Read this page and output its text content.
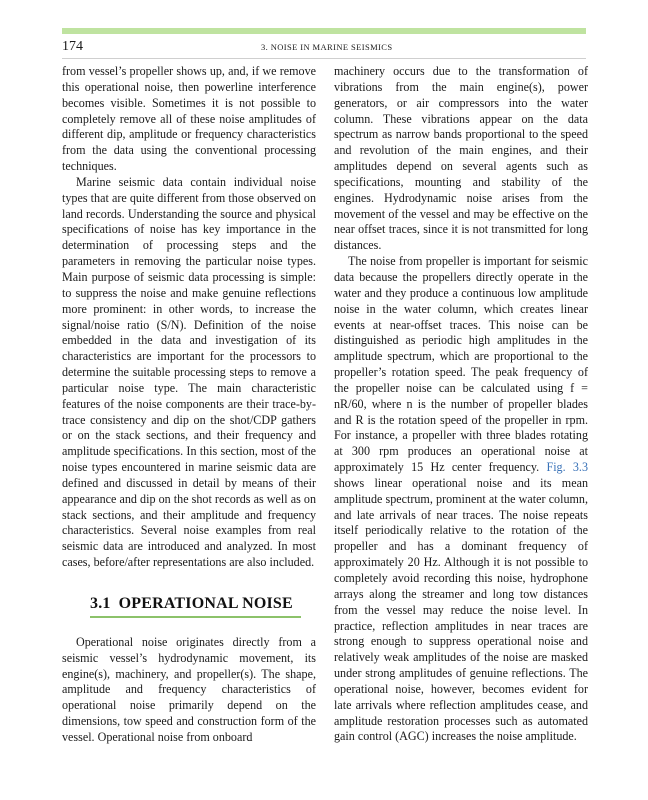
174	3. NOISE IN MARINE SEISMICS

from vessel’s propeller shows up, and, if we remove this operational noise, then powerline interference becomes visible. Sometimes it is not possible to completely remove all of these noise amplitudes of different dip, amplitude or frequency characteristics from the data using the conventional processing techniques.

Marine seismic data contain individual noise types that are quite different from those observed on land records. Understanding the source and physical specifications of noise has key importance in the determination of processing steps and the parameters in removing the particular noise types. Main purpose of seismic data processing is simple: to suppress the noise and make genuine reflections more prominent: in other words, to increase the signal/noise ratio (S/N). Definition of the noise embedded in the data and investigation of its characteristics are important for the processors to determine the suitable processing steps to remove a particular noise type. The main characteristic features of the noise components are their trace-by-trace consistency and dip on the shot/CDP gathers or on the stack sections, and their frequency and amplitude specifications. In this section, most of the noise types encountered in marine seismic data are defined and discussed in detail by means of their appearance and dip on the shot records as well as on stack sections, and their amplitude and frequency characteristics. Several noise examples from real seismic data are introduced and analyzed. In most cases, before/after representations are also included.

3.1 OPERATIONAL NOISE

Operational noise originates directly from a seismic vessel’s hydrodynamic movement, its engine(s), machinery, and propeller(s). The shape, amplitude and frequency characteristics of operational noise primarily depend on the dimensions, tow speed and construction form of the vessel. Operational noise from onboard

machinery occurs due to the transformation of vibrations from the main engine(s), power generators, or air compressors into the water column. These vibrations appear on the data spectrum as narrow bands proportional to the speed and revolution of the main engines, and their amplitudes depend on several agents such as specifications, mounting and stability of the engines. Hydrodynamic noise arises from the movement of the vessel and may be effective on the near offset traces, since it is not transmitted for long distances.

The noise from propeller is important for seismic data because the propellers directly operate in the water and they produce a continuous low amplitude noise in the water column, which creates linear events at near-offset traces. This noise can be distinguished as periodic high amplitudes in the amplitude spectrum, which are proportional to the propeller’s rotation speed. The peak frequency of the propeller noise can be calculated using f = nR/60, where n is the number of propeller blades and R is the rotation speed of the propeller in rpm. For instance, a propeller with three blades rotating at 300 rpm produces an operational noise at approximately 15 Hz center frequency. Fig. 3.3 shows linear operational noise and its mean amplitude spectrum, prominent at the water column, and late arrivals of near traces. The noise repeats itself periodically relative to the rotation of the propeller and has a dominant frequency of approximately 20 Hz. Although it is not possible to completely avoid recording this noise, hydrophone arrays along the streamer and long tow distances from the vessel may reduce the noise level. In practice, reflection amplitudes in near traces are strong enough to suppress operational noise and relatively weak amplitudes of the noise are masked under strong amplitudes of genuine reflections. The operational noise, however, becomes evident for late arrivals where reflection amplitudes cease, and amplitude restoration processes such as automated gain control (AGC) increases the noise amplitude.
